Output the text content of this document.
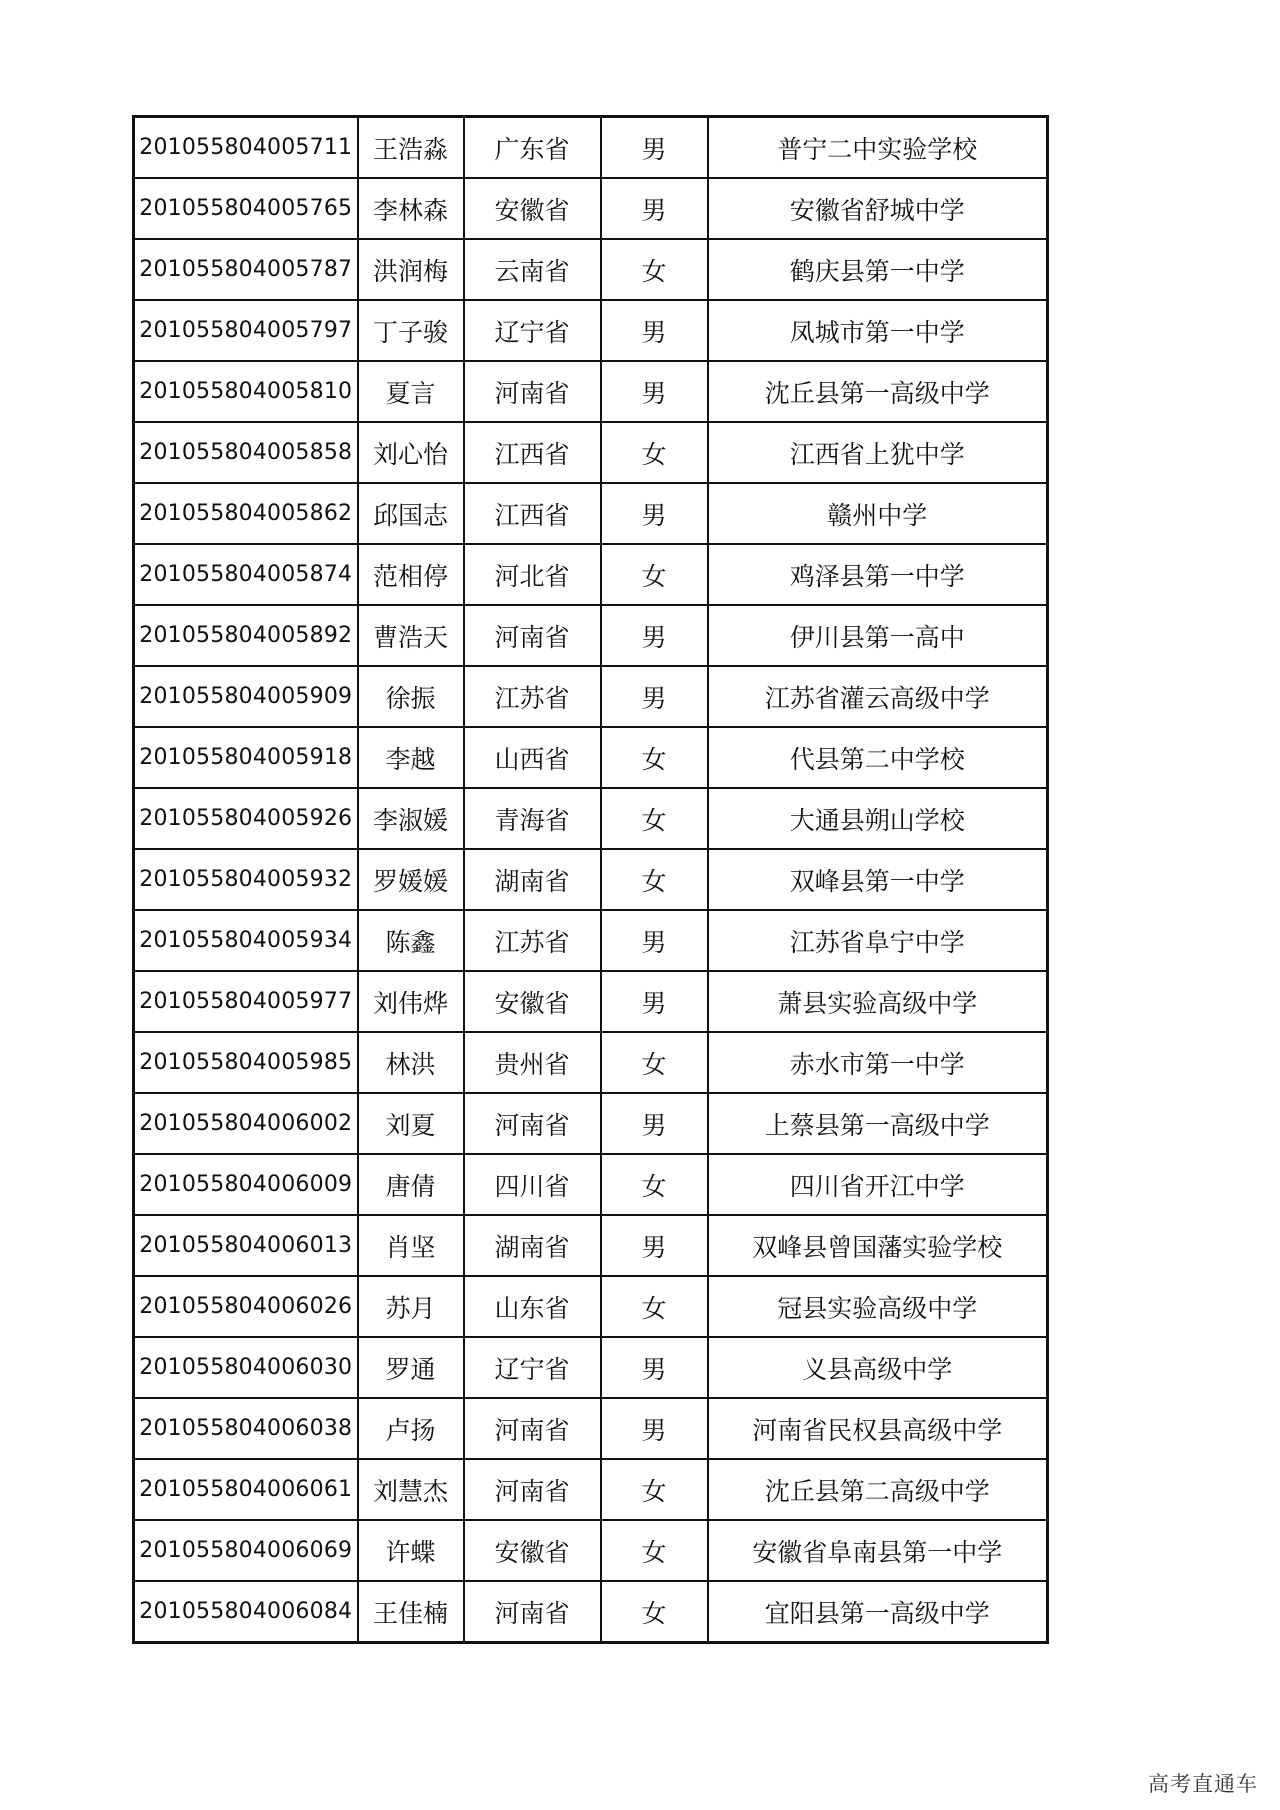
201055804005711	王浩淼	广东省	男	普宁二中实验学校
201055804005765	李林森	安徽省	男	安徽省舒城中学
201055804005787	洪润梅	云南省	女	鹤庆县第一中学
201055804005797	丁子骏	辽宁省	男	凤城市第一中学
201055804005810	夏言	河南省	男	沈丘县第一高级中学
201055804005858	刘心怡	江西省	女	江西省上犹中学
201055804005862	邱国志	江西省	男	赣州中学
201055804005874	范相停	河北省	女	鸡泽县第一中学
201055804005892	曹浩天	河南省	男	伊川县第一高中
201055804005909	徐振	江苏省	男	江苏省灌云高级中学
201055804005918	李越	山西省	女	代县第二中学校
201055804005926	李淑媛	青海省	女	大通县朔山学校
201055804005932	罗媛媛	湖南省	女	双峰县第一中学
201055804005934	陈鑫	江苏省	男	江苏省阜宁中学
201055804005977	刘伟烨	安徽省	男	萧县实验高级中学
201055804005985	林洪	贵州省	女	赤水市第一中学
201055804006002	刘夏	河南省	男	上蔡县第一高级中学
201055804006009	唐倩	四川省	女	四川省开江中学
201055804006013	肖坚	湖南省	男	双峰县曾国藩实验学校
201055804006026	苏月	山东省	女	冠县实验高级中学
201055804006030	罗通	辽宁省	男	义县高级中学
201055804006038	卢扬	河南省	男	河南省民权县高级中学
201055804006061	刘慧杰	河南省	女	沈丘县第二高级中学
201055804006069	许蝶	安徽省	女	安徽省阜南县第一中学
201055804006084	王佳楠	河南省	女	宜阳县第一高级中学
高考直通车
